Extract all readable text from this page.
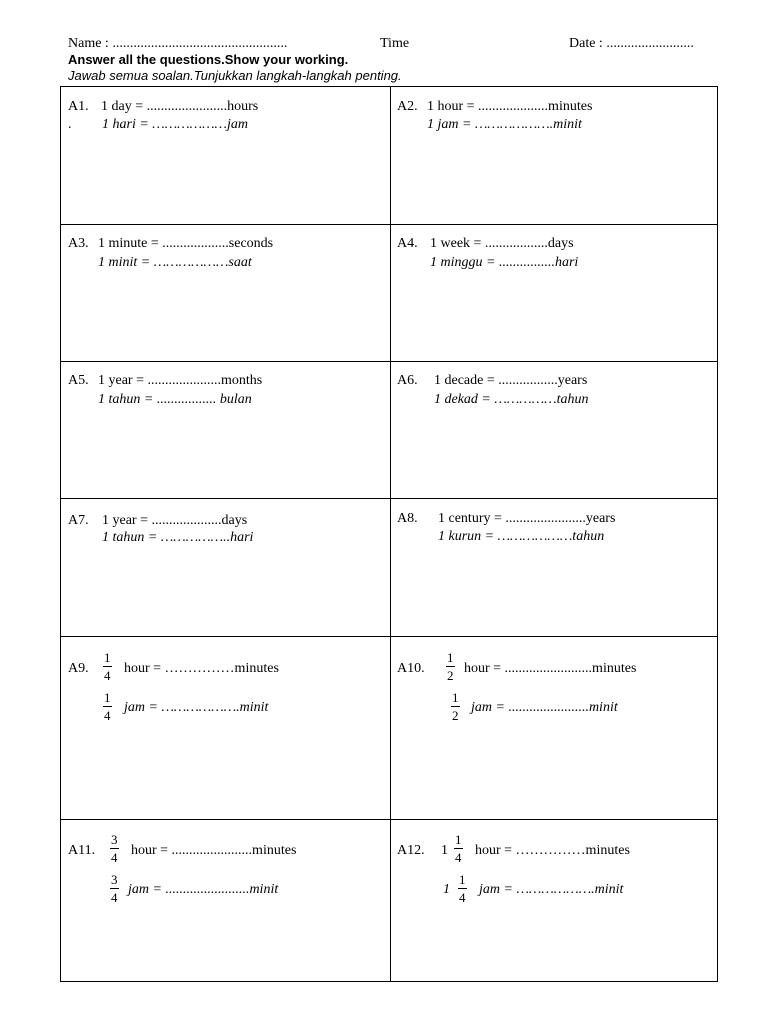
Name : ..................................................	Time	Date : .........................
Answer all the questions.Show your working.
Jawab semua soalan.Tunjukkan langkah-langkah penting.
A1. 1 day = .......................hours
. 1 hari = ………………jam
A2. 1 hour = ....................minutes
1 jam = ……………….minit
A3. 1 minute = ...................seconds
1 minit = ………………saat
A4. 1 week = ..................days
1 minggu = ................hari
A5. 1 year = .....................months
1 tahun = ................. bulan
A6. 1 decade = .................years
1 dekad = ……………tahun
A7. 1 year = ....................days
1 tahun = ……………..hari
A8. 1 century = .......................years
1 kurun = ………………tahun
A9. $\frac{1}{4}$ hour = ……………minutes
$\frac{1}{4}$ jam = ……………….minit
A10. $\frac{1}{2}$ hour = .........................minutes
$\frac{1}{2}$ jam = .......................minit
A11. $\frac{3}{4}$ hour = .......................minutes
$\frac{3}{4}$ jam = ........................minit
A12. $1 \frac{1}{4}$ hour = ……………minutes
$1 \frac{1}{4}$ jam = ……………….minit
